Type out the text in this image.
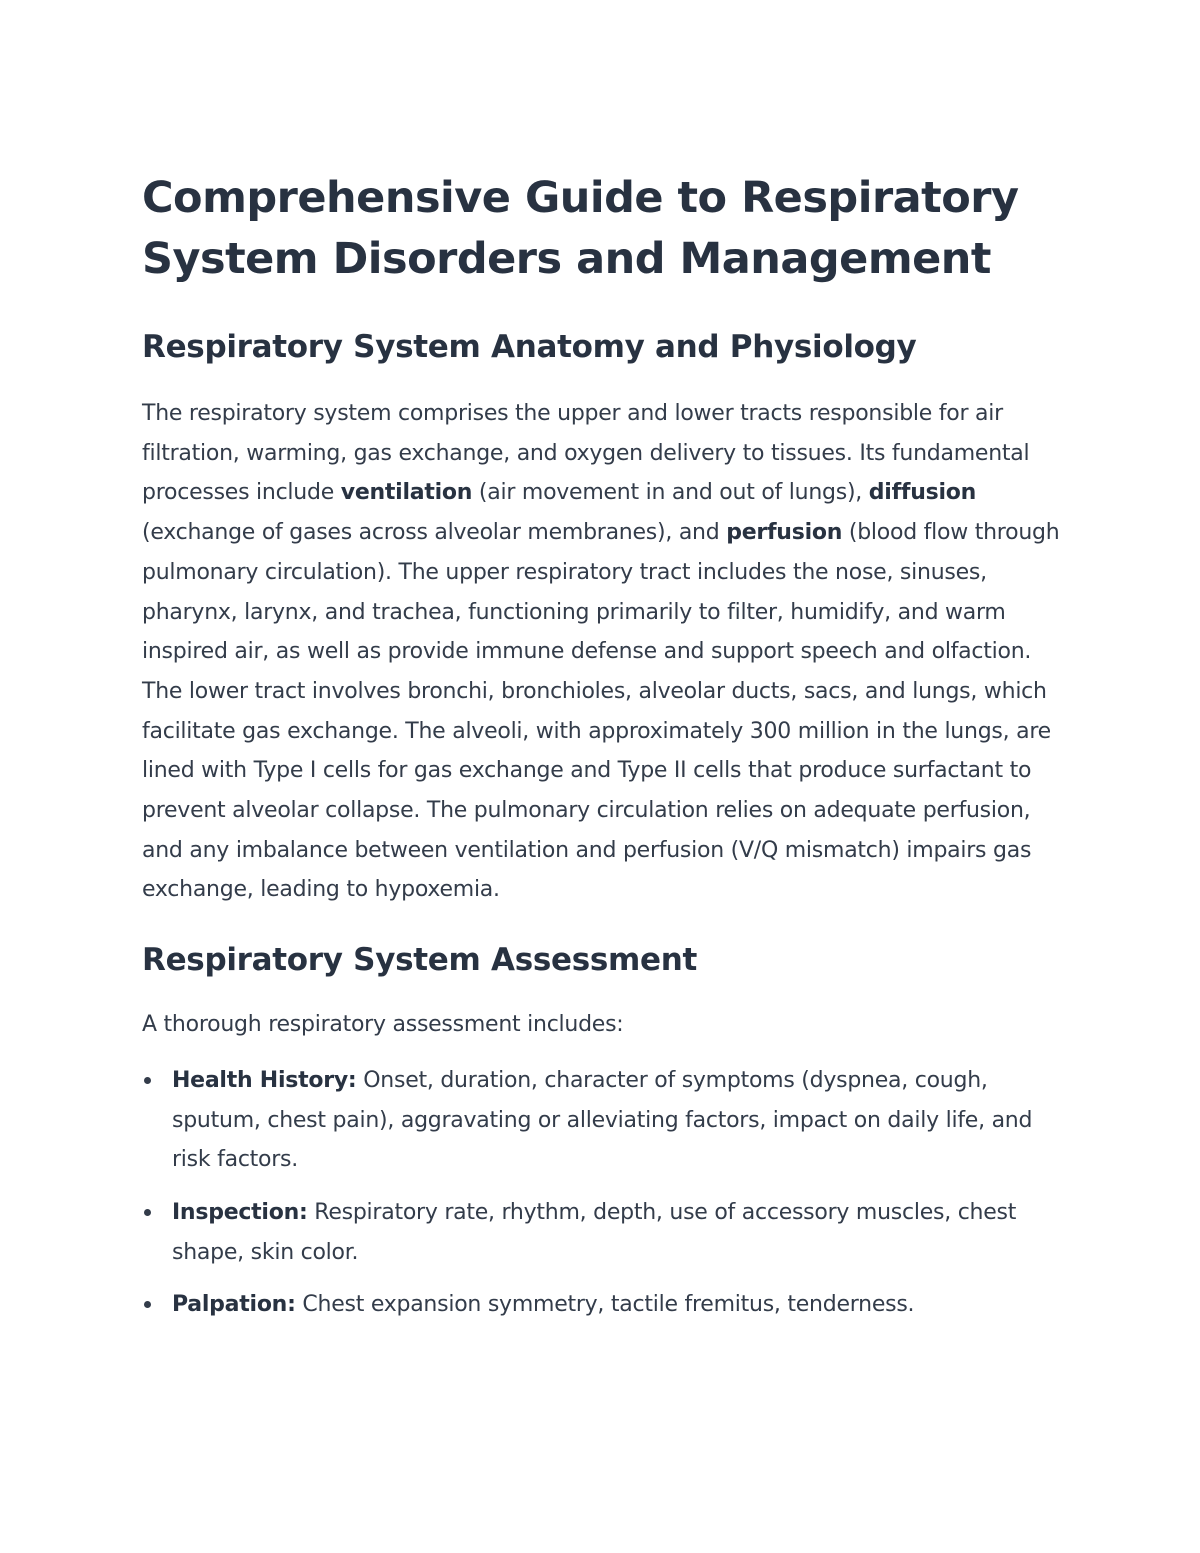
Comprehensive Guide to Respiratory System Disorders and Management
Respiratory System Anatomy and Physiology

The respiratory system comprises the upper and lower tracts responsible for air filtration, warming, gas exchange, and oxygen delivery to tissues. Its fundamental processes include ventilation (air movement in and out of lungs), diffusion (exchange of gases across alveolar membranes), and perfusion (blood flow through pulmonary circulation). The upper respiratory tract includes the nose, sinuses, pharynx, larynx, and trachea, functioning primarily to filter, humidify, and warm inspired air, as well as provide immune defense and support speech and olfaction. The lower tract involves bronchi, bronchioles, alveolar ducts, sacs, and lungs, which facilitate gas exchange. The alveoli, with approximately 300 million in the lungs, are lined with Type I cells for gas exchange and Type II cells that produce surfactant to prevent alveolar collapse. The pulmonary circulation relies on adequate perfusion, and any imbalance between ventilation and perfusion (V/Q mismatch) impairs gas exchange, leading to hypoxemia.

Respiratory System Assessment

A thorough respiratory assessment includes:

Health History: Onset, duration, character of symptoms (dyspnea, cough, sputum, chest pain), aggravating or alleviating factors, impact on daily life, and risk factors.
Inspection: Respiratory rate, rhythm, depth, use of accessory muscles, chest shape, skin color.
Palpation: Chest expansion symmetry, tactile fremitus, tenderness.
